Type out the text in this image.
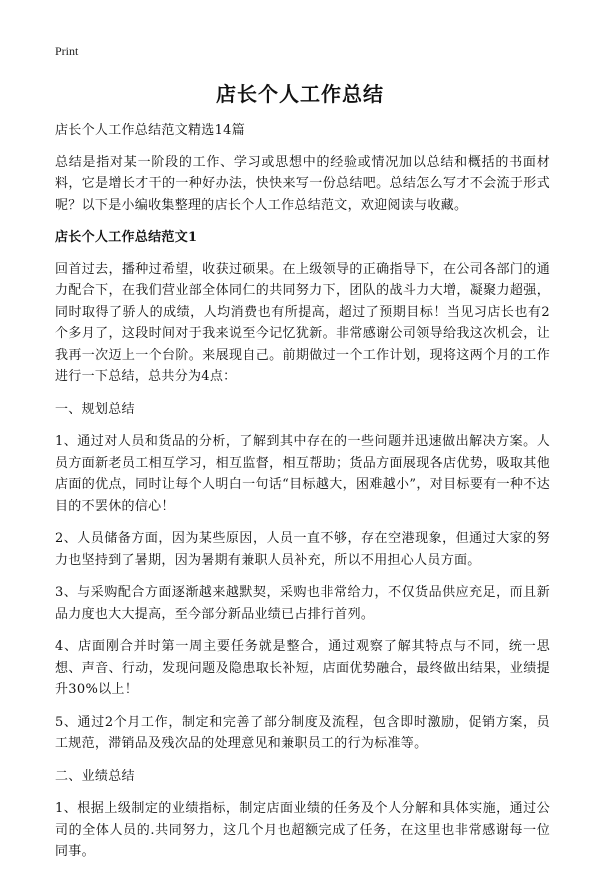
Print
店长个人工作总结

店长个人工作总结范文精选14篇

总结是指对某一阶段的工作、学习或思想中的经验或情况加以总结和概括的书面材料，它是增长才干的一种好办法，快快来写一份总结吧。总结怎么写才不会流于形式呢？以下是小编收集整理的店长个人工作总结范文，欢迎阅读与收藏。

店长个人工作总结范文1

回首过去，播种过希望，收获过硕果。在上级领导的正确指导下，在公司各部门的通力配合下，在我们营业部全体同仁的共同努力下，团队的战斗力大增，凝聚力超强，同时取得了骄人的成绩，人均消费也有所提高，超过了预期目标！当见习店长也有2个多月了，这段时间对于我来说至今记忆犹新。非常感谢公司领导给我这次机会，让我再一次迈上一个台阶。来展现自己。前期做过一个工作计划，现将这两个月的工作进行一下总结，总共分为4点：

一、规划总结

1、通过对人员和货品的分析，了解到其中存在的一些问题并迅速做出解决方案。人员方面新老员工相互学习，相互监督，相互帮助；货品方面展现各店优势，吸取其他店面的优点，同时让每个人明白一句话“目标越大，困难越小”，对目标要有一种不达目的不罢休的信心！

2、人员储备方面，因为某些原因，人员一直不够，存在空港现象，但通过大家的努力也坚持到了暑期，因为暑期有兼职人员补充，所以不用担心人员方面。

3、与采购配合方面逐渐越来越默契，采购也非常给力，不仅货品供应充足，而且新品力度也大大提高，至今部分新品业绩已占排行首列。

4、店面刚合并时第一周主要任务就是整合，通过观察了解其特点与不同，统一思想、声音、行动，发现问题及隐患取长补短，店面优势融合，最终做出结果，业绩提升30%以上！

5、通过2个月工作，制定和完善了部分制度及流程，包含即时激励，促销方案，员工规范，滞销品及残次品的处理意见和兼职员工的行为标准等。

二、业绩总结

1、根据上级制定的业绩指标，制定店面业绩的任务及个人分解和具体实施，通过公司的全体人员的.共同努力，这几个月也超额完成了任务，在这里也非常感谢每一位同事。
